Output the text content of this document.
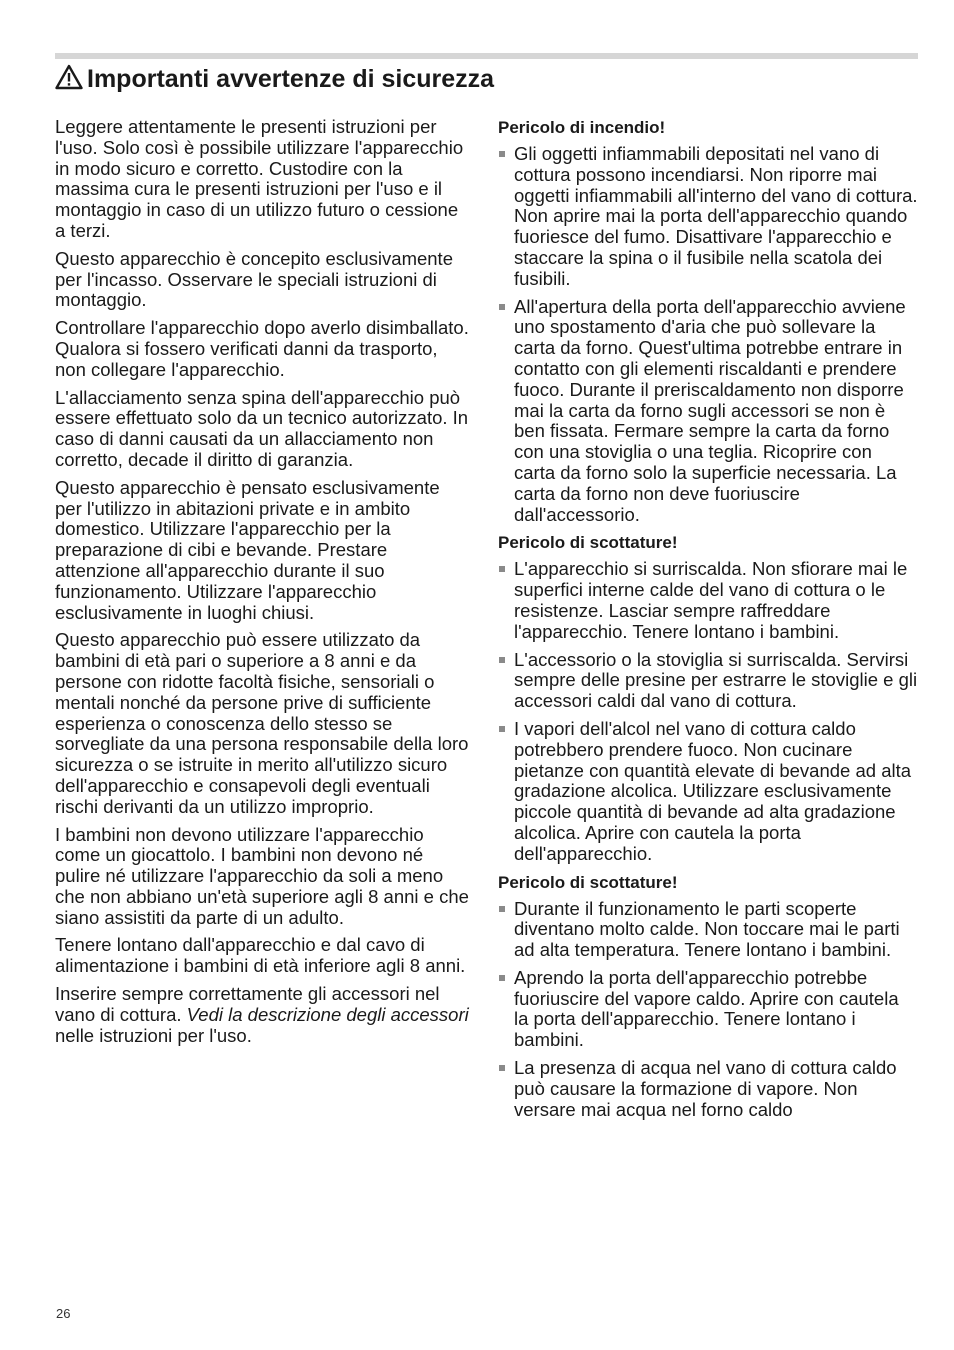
Importanti avvertenze di sicurezza

Leggere attentamente le presenti istruzioni per l'uso. Solo così è possibile utilizzare l'apparecchio in modo sicuro e corretto. Custodire con la massima cura le presenti istruzioni per l'uso e il montaggio in caso di un utilizzo futuro o cessione a terzi.

Questo apparecchio è concepito esclusivamente per l'incasso. Osservare le speciali istruzioni di montaggio.

Controllare l'apparecchio dopo averlo disimballato. Qualora si fossero verificati danni da trasporto, non collegare l'apparecchio.

L'allacciamento senza spina dell'apparecchio può essere effettuato solo da un tecnico autorizzato. In caso di danni causati da un allacciamento non corretto, decade il diritto di garanzia.

Questo apparecchio è pensato esclusivamente per l'utilizzo in abitazioni private e in ambito domestico. Utilizzare l'apparecchio per la preparazione di cibi e bevande. Prestare attenzione all'apparecchio durante il suo funzionamento. Utilizzare l'apparecchio esclusivamente in luoghi chiusi.

Questo apparecchio può essere utilizzato da bambini di età pari o superiore a 8 anni e da persone con ridotte facoltà fisiche, sensoriali o mentali nonché da persone prive di sufficiente esperienza o conoscenza dello stesso se sorvegliate da una persona responsabile della loro sicurezza o se istruite in merito all'utilizzo sicuro dell'apparecchio e consapevoli degli eventuali rischi derivanti da un utilizzo improprio.

I bambini non devono utilizzare l'apparecchio come un giocattolo. I bambini non devono né pulire né utilizzare l'apparecchio da soli a meno che non abbiano un'età superiore agli 8 anni e che siano assistiti da parte di un adulto.

Tenere lontano dall'apparecchio e dal cavo di alimentazione i bambini di età inferiore agli 8 anni.

Inserire sempre correttamente gli accessori nel vano di cottura. Vedi la descrizione degli accessori nelle istruzioni per l'uso.

Pericolo di incendio!
Gli oggetti infiammabili depositati nel vano di cottura possono incendiarsi. Non riporre mai oggetti infiammabili all'interno del vano di cottura. Non aprire mai la porta dell'apparecchio quando fuoriesce del fumo. Disattivare l'apparecchio e staccare la spina o il fusibile nella scatola dei fusibili.
All'apertura della porta dell'apparecchio avviene uno spostamento d'aria che può sollevare la carta da forno. Quest'ultima potrebbe entrare in contatto con gli elementi riscaldanti e prendere fuoco. Durante il preriscaldamento non disporre mai la carta da forno sugli accessori se non è ben fissata. Fermare sempre la carta da forno con una stoviglia o una teglia. Ricoprire con carta da forno solo la superficie necessaria. La carta da forno non deve fuoriuscire dall'accessorio.
Pericolo di scottature!
L'apparecchio si surriscalda. Non sfiorare mai le superfici interne calde del vano di cottura o le resistenze. Lasciar sempre raffreddare l'apparecchio. Tenere lontano i bambini.
L'accessorio o la stoviglia si surriscalda. Servirsi sempre delle presine per estrarre le stoviglie e gli accessori caldi dal vano di cottura.
I vapori dell'alcol nel vano di cottura caldo potrebbero prendere fuoco. Non cucinare pietanze con quantità elevate di bevande ad alta gradazione alcolica. Utilizzare esclusivamente piccole quantità di bevande ad alta gradazione alcolica. Aprire con cautela la porta dell'apparecchio.
Pericolo di scottature!
Durante il funzionamento le parti scoperte diventano molto calde. Non toccare mai le parti ad alta temperatura. Tenere lontano i bambini.
Aprendo la porta dell'apparecchio potrebbe fuoriuscire del vapore caldo. Aprire con cautela la porta dell'apparecchio. Tenere lontano i bambini.
La presenza di acqua nel vano di cottura caldo può causare la formazione di vapore. Non versare mai acqua nel forno caldo
26
